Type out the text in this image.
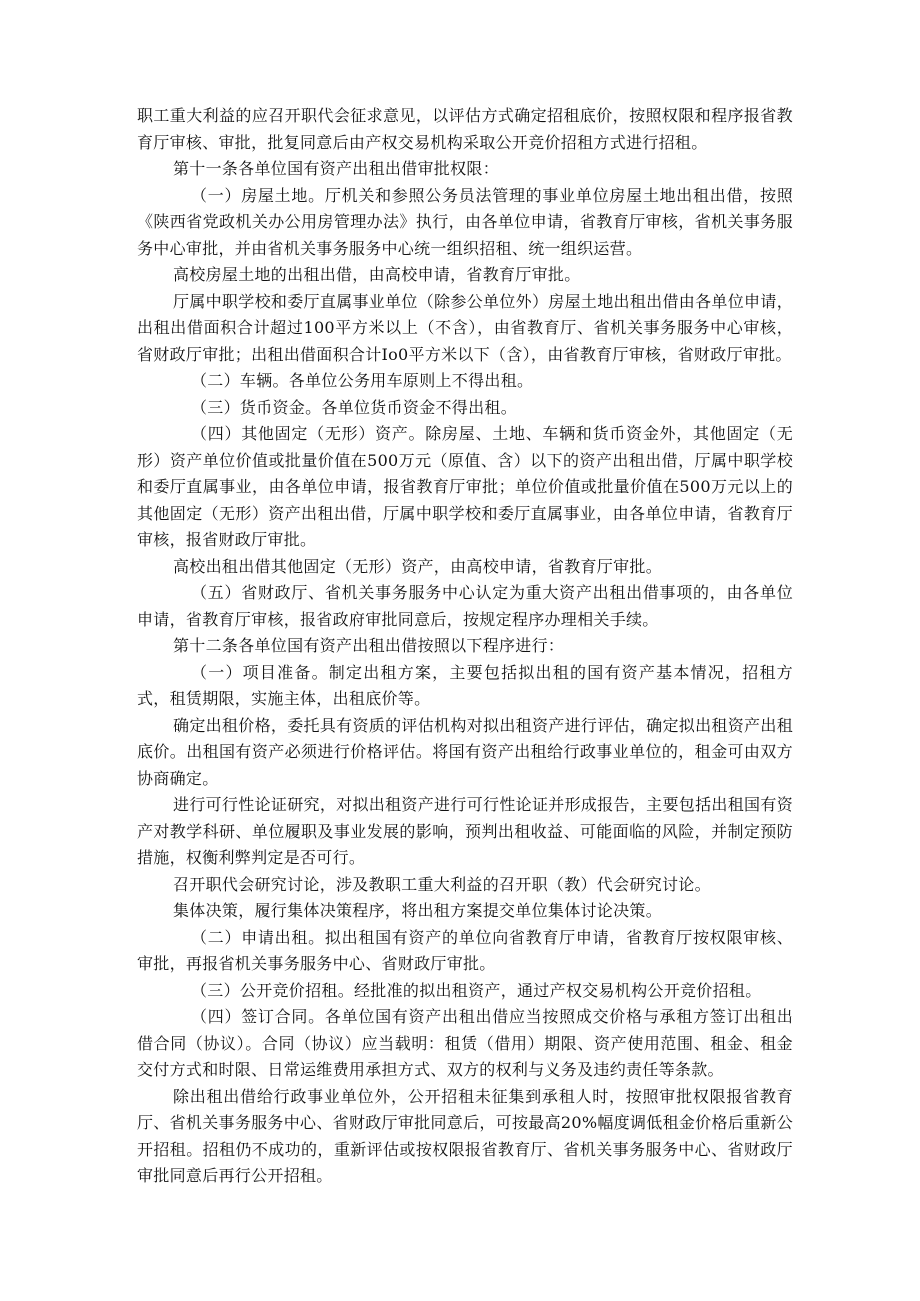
职工重大利益的应召开职代会征求意见，以评估方式确定招租底价，按照权限和程序报省教育厅审核、审批，批复同意后由产权交易机构采取公开竞价招租方式进行招租。

第十一条各单位国有资产出租出借审批权限：

（一）房屋土地。厅机关和参照公务员法管理的事业单位房屋土地出租出借，按照《陕西省党政机关办公用房管理办法》执行，由各单位申请，省教育厅审核，省机关事务服务中心审批，并由省机关事务服务中心统一组织招租、统一组织运营。

高校房屋土地的出租出借，由高校申请，省教育厅审批。

厅属中职学校和委厅直属事业单位（除参公单位外）房屋土地出租出借由各单位申请，出租出借面积合计超过100平方米以上（不含），由省教育厅、省机关事务服务中心审核，省财政厅审批；出租出借面积合计Io0平方米以下（含），由省教育厅审核，省财政厅审批。

（二）车辆。各单位公务用车原则上不得出租。

（三）货币资金。各单位货币资金不得出租。

（四）其他固定（无形）资产。除房屋、土地、车辆和货币资金外，其他固定（无形）资产单位价值或批量价值在500万元（原值、含）以下的资产出租出借，厅属中职学校和委厅直属事业，由各单位申请，报省教育厅审批；单位价值或批量价值在500万元以上的其他固定（无形）资产出租出借，厅属中职学校和委厅直属事业，由各单位申请，省教育厅审核，报省财政厅审批。

高校出租出借其他固定（无形）资产，由高校申请，省教育厅审批。

（五）省财政厅、省机关事务服务中心认定为重大资产出租出借事项的，由各单位申请，省教育厅审核，报省政府审批同意后，按规定程序办理相关手续。

第十二条各单位国有资产出租出借按照以下程序进行：

（一）项目准备。制定出租方案，主要包括拟出租的国有资产基本情况，招租方式，租赁期限，实施主体，出租底价等。

确定出租价格，委托具有资质的评估机构对拟出租资产进行评估，确定拟出租资产出租底价。出租国有资产必须进行价格评估。将国有资产出租给行政事业单位的，租金可由双方协商确定。

进行可行性论证研究，对拟出租资产进行可行性论证并形成报告，主要包括出租国有资产对教学科研、单位履职及事业发展的影响，预判出租收益、可能面临的风险，并制定预防措施，权衡利弊判定是否可行。

召开职代会研究讨论，涉及教职工重大利益的召开职（教）代会研究讨论。

集体决策，履行集体决策程序，将出租方案提交单位集体讨论决策。

（二）申请出租。拟出租国有资产的单位向省教育厅申请，省教育厅按权限审核、审批，再报省机关事务服务中心、省财政厅审批。

（三）公开竞价招租。经批准的拟出租资产，通过产权交易机构公开竞价招租。

（四）签订合同。各单位国有资产出租出借应当按照成交价格与承租方签订出租出借合同（协议）。合同（协议）应当载明：租赁（借用）期限、资产使用范围、租金、租金交付方式和时限、日常运维费用承担方式、双方的权利与义务及违约责任等条款。

除出租出借给行政事业单位外，公开招租未征集到承租人时，按照审批权限报省教育厅、省机关事务服务中心、省财政厅审批同意后，可按最高20%幅度调低租金价格后重新公开招租。招租仍不成功的，重新评估或按权限报省教育厅、省机关事务服务中心、省财政厅审批同意后再行公开招租。
